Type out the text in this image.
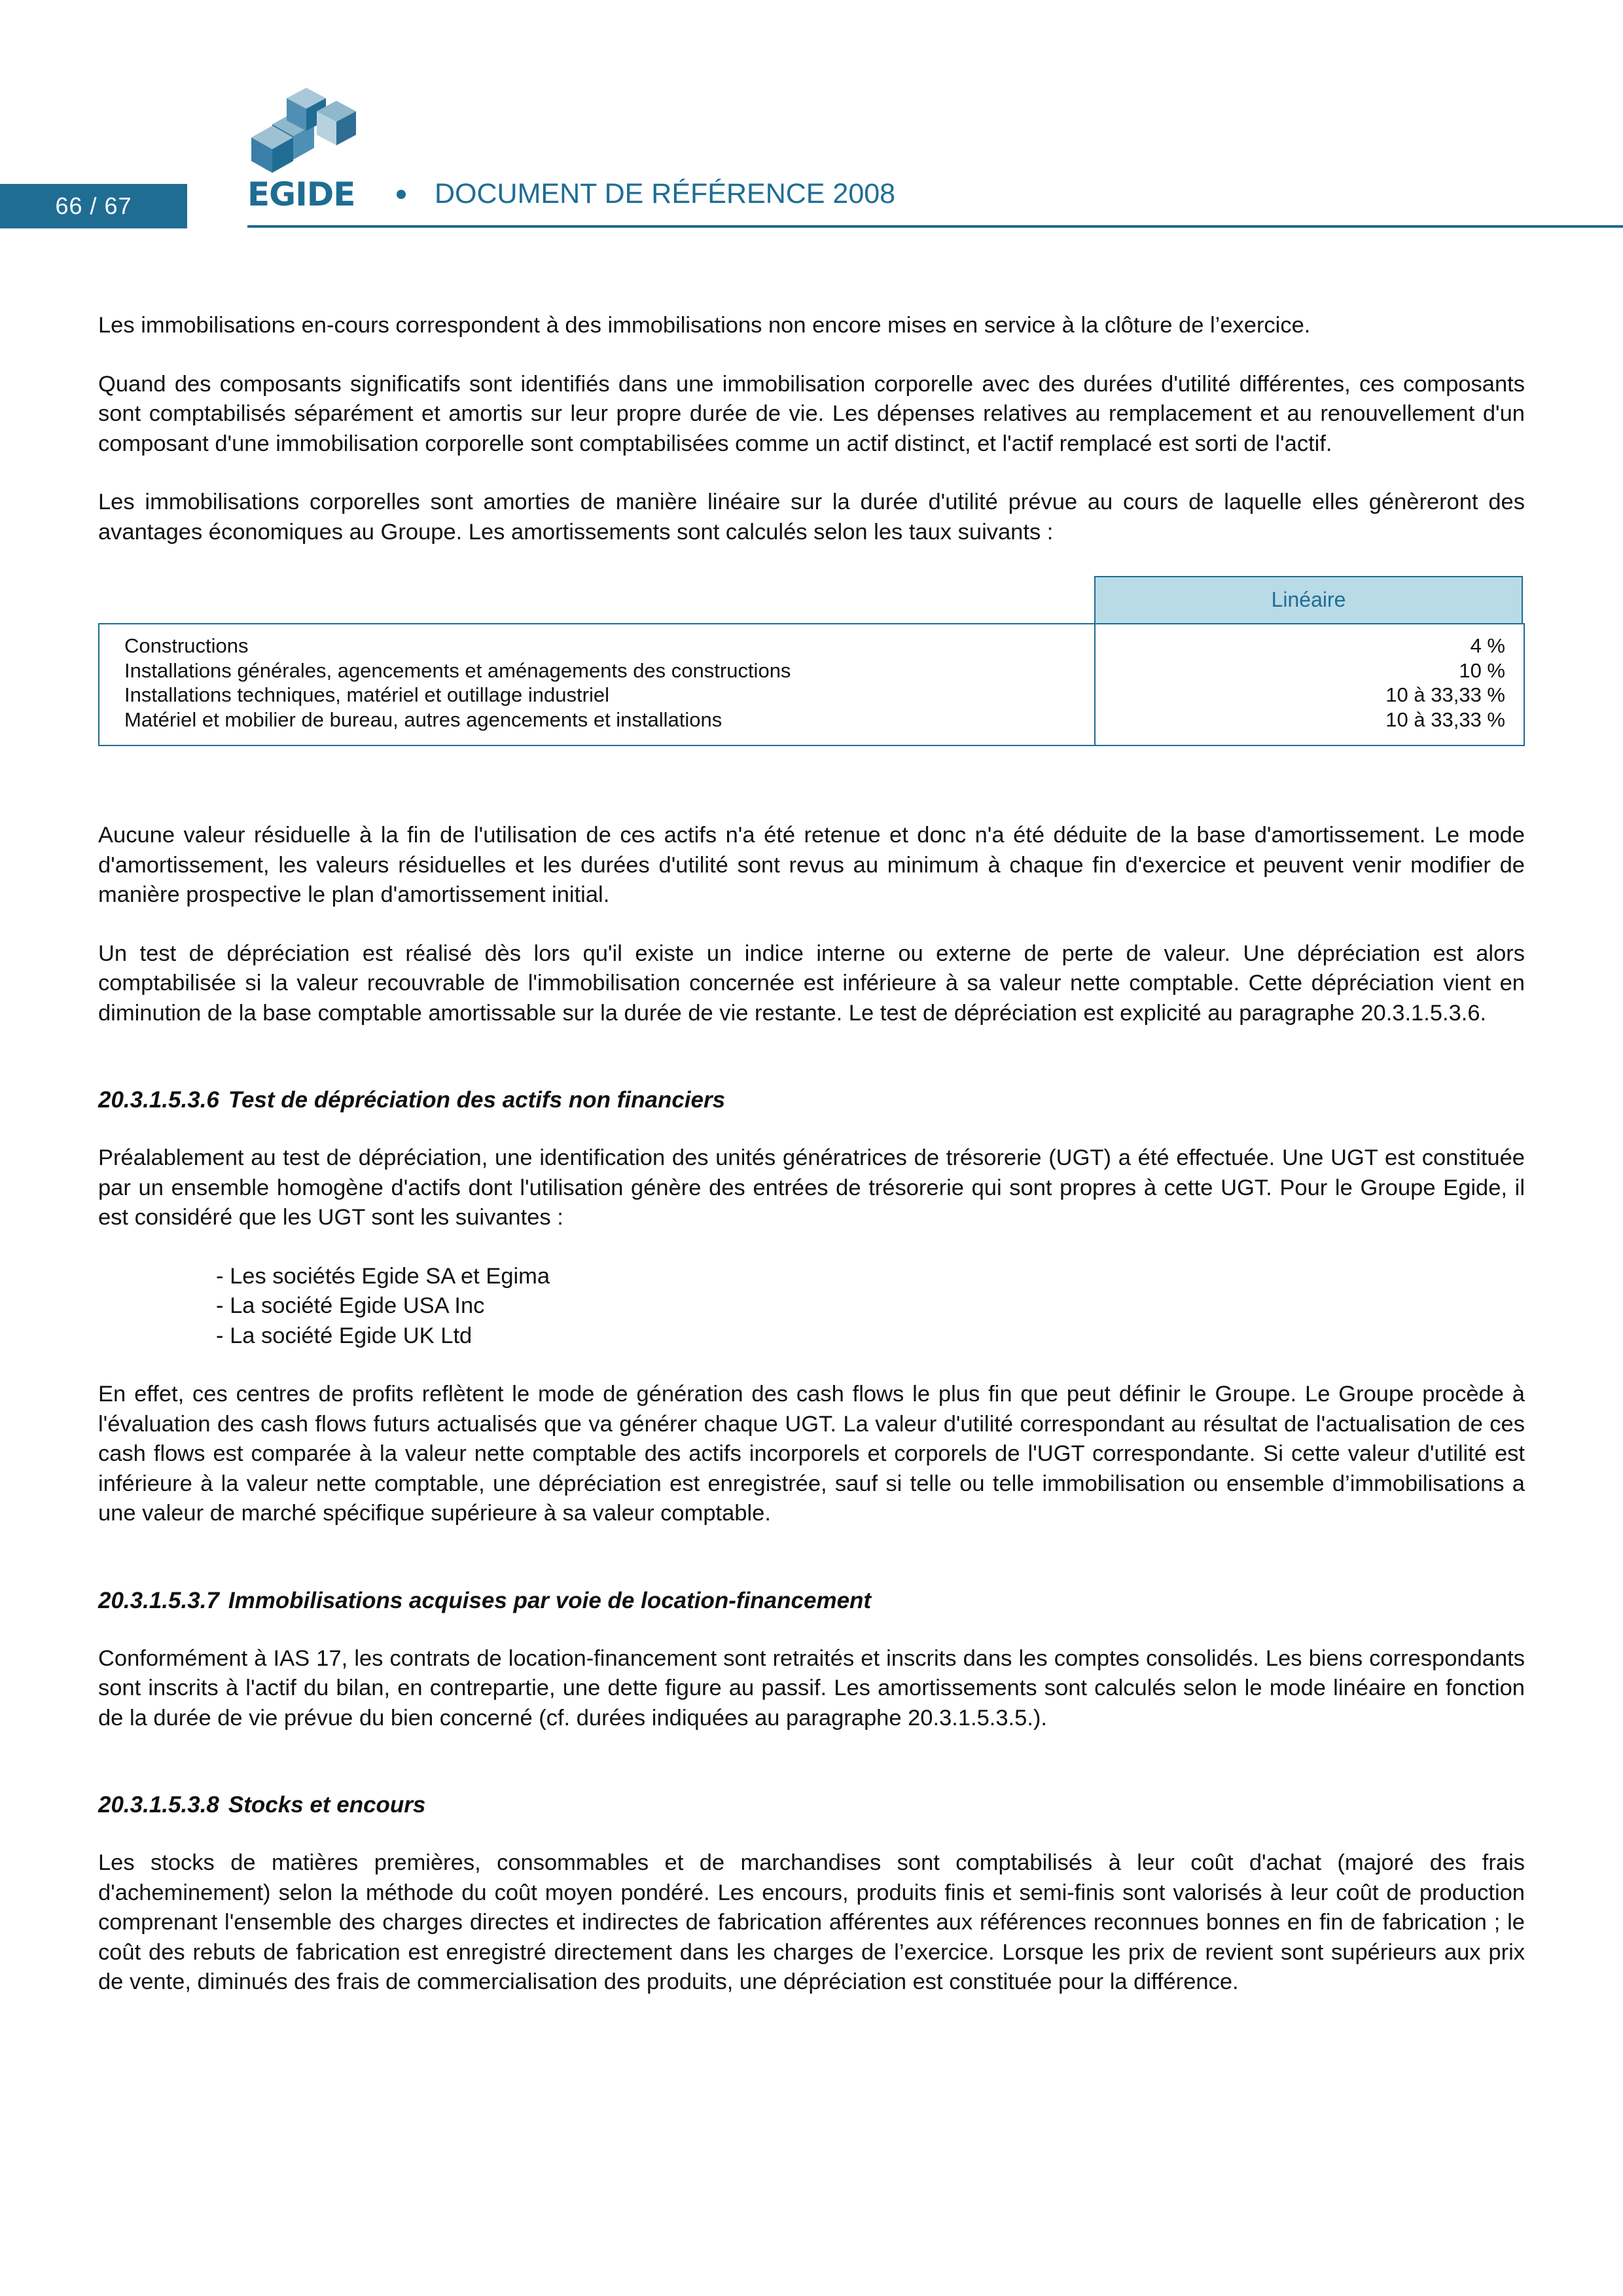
66 / 67	EGIDE	DOCUMENT DE RÉFÉRENCE 2008

Les immobilisations en-cours correspondent à des immobilisations non encore mises en service à la clôture de l’exercice.

Quand des composants significatifs sont identifiés dans une immobilisation corporelle avec des durées d'utilité différentes, ces composants sont comptabilisés séparément et amortis sur leur propre durée de vie. Les dépenses relatives au remplacement et au renouvellement d'un composant d'une immobilisation corporelle sont comptabilisées comme un actif distinct, et l'actif remplacé est sorti de l'actif.

Les immobilisations corporelles sont amorties de manière linéaire sur la durée d'utilité prévue au cours de laquelle elles génèreront des avantages économiques au Groupe. Les amortissements sont calculés selon les taux suivants :

Linéaire
Constructions
Installations générales, agencements et aménagements des constructions
Installations techniques, matériel et outillage industriel
Matériel et mobilier de bureau, autres agencements et installations
4 %
10 %
10 à 33,33 %
10 à 33,33 %

Aucune valeur résiduelle à la fin de l'utilisation de ces actifs n'a été retenue et donc n'a été déduite de la base d'amortissement. Le mode d'amortissement, les valeurs résiduelles et les durées d'utilité sont revus au minimum à chaque fin d'exercice et peuvent venir modifier de manière prospective le plan d'amortissement initial.

Un test de dépréciation est réalisé dès lors qu'il existe un indice interne ou externe de perte de valeur. Une dépréciation est alors comptabilisée si la valeur recouvrable de l'immobilisation concernée est inférieure à sa valeur nette comptable. Cette dépréciation vient en diminution de la base comptable amortissable sur la durée de vie restante. Le test de dépréciation est explicité au paragraphe 20.3.1.5.3.6.

20.3.1.5.3.6 Test de dépréciation des actifs non financiers

Préalablement au test de dépréciation, une identification des unités génératrices de trésorerie (UGT) a été effectuée. Une UGT est constituée par un ensemble homogène d'actifs dont l'utilisation génère des entrées de trésorerie qui sont propres à cette UGT. Pour le Groupe Egide, il est considéré que les UGT sont les suivantes :

- Les sociétés Egide SA et Egima
- La société Egide USA Inc
- La société Egide UK Ltd

En effet, ces centres de profits reflètent le mode de génération des cash flows le plus fin que peut définir le Groupe. Le Groupe procède à l'évaluation des cash flows futurs actualisés que va générer chaque UGT. La valeur d'utilité correspondant au résultat de l'actualisation de ces cash flows est comparée à la valeur nette comptable des actifs incorporels et corporels de l'UGT correspondante. Si cette valeur d'utilité est inférieure à la valeur nette comptable, une dépréciation est enregistrée, sauf si telle ou telle immobilisation ou ensemble d’immobilisations a une valeur de marché spécifique supérieure à sa valeur comptable.

20.3.1.5.3.7 Immobilisations acquises par voie de location-financement

Conformément à IAS 17, les contrats de location-financement sont retraités et inscrits dans les comptes consolidés. Les biens correspondants sont inscrits à l'actif du bilan, en contrepartie, une dette figure au passif. Les amortissements sont calculés selon le mode linéaire en fonction de la durée de vie prévue du bien concerné (cf. durées indiquées au paragraphe 20.3.1.5.3.5.).

20.3.1.5.3.8 Stocks et encours

Les stocks de matières premières, consommables et de marchandises sont comptabilisés à leur coût d'achat (majoré des frais d'acheminement) selon la méthode du coût moyen pondéré. Les encours, produits finis et semi-finis sont valorisés à leur coût de production comprenant l'ensemble des charges directes et indirectes de fabrication afférentes aux références reconnues bonnes en fin de fabrication ; le coût des rebuts de fabrication est enregistré directement dans les charges de l’exercice. Lorsque les prix de revient sont supérieurs aux prix de vente, diminués des frais de commercialisation des produits, une dépréciation est constituée pour la différence.
